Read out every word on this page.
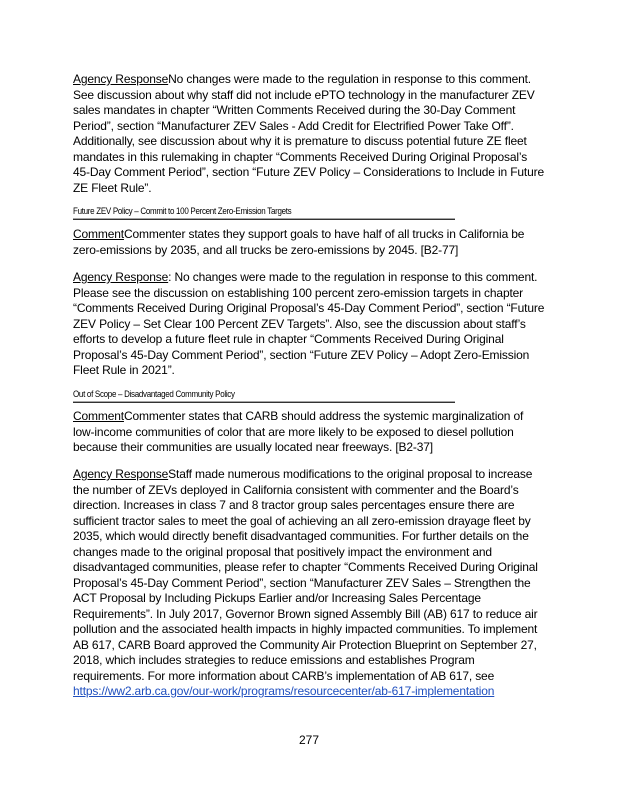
Agency ResponseNo changes were made to the regulation in response to this comment. See discussion about why staff did not include ePTO technology in the manufacturer ZEV sales mandates in chapter “Written Comments Received during the 30-Day Comment Period”, section “Manufacturer ZEV Sales - Add Credit for Electrified Power Take Off”. Additionally, see discussion about why it is premature to discuss potential future ZE fleet mandates in this rulemaking in chapter “Comments Received During Original Proposal’s 45-Day Comment Period”, section “Future ZEV Policy – Considerations to Include in Future ZE Fleet Rule”.

Future ZEV Policy – Commit to 100 Percent Zero-Emission Targets

CommentCommenter states they support goals to have half of all trucks in California be zero-emissions by 2035, and all trucks be zero-emissions by 2045. [B2-77]

Agency Response: No changes were made to the regulation in response to this comment. Please see the discussion on establishing 100 percent zero-emission targets in chapter “Comments Received During Original Proposal’s 45-Day Comment Period”, section “Future ZEV Policy – Set Clear 100 Percent ZEV Targets”. Also, see the discussion about staff’s efforts to develop a future fleet rule in chapter “Comments Received During Original Proposal’s 45-Day Comment Period”, section “Future ZEV Policy – Adopt Zero-Emission Fleet Rule in 2021”.

Out of Scope – Disadvantaged Community Policy

CommentCommenter states that CARB should address the systemic marginalization of low-income communities of color that are more likely to be exposed to diesel pollution because their communities are usually located near freeways. [B2-37]

Agency ResponseStaff made numerous modifications to the original proposal to increase the number of ZEVs deployed in California consistent with commenter and the Board’s direction. Increases in class 7 and 8 tractor group sales percentages ensure there are sufficient tractor sales to meet the goal of achieving an all zero-emission drayage fleet by 2035, which would directly benefit disadvantaged communities. For further details on the changes made to the original proposal that positively impact the environment and disadvantaged communities, please refer to chapter “Comments Received During Original Proposal’s 45-Day Comment Period”, section “Manufacturer ZEV Sales – Strengthen the ACT Proposal by Including Pickups Earlier and/or Increasing Sales Percentage Requirements”. In July 2017, Governor Brown signed Assembly Bill (AB) 617 to reduce air pollution and the associated health impacts in highly impacted communities. To implement AB 617, CARB Board approved the Community Air Protection Blueprint on September 27, 2018, which includes strategies to reduce emissions and establishes Program requirements. For more information about CARB’s implementation of AB 617, see https://ww2.arb.ca.gov/our-work/programs/resourcecenter/ab-617-implementation

277
